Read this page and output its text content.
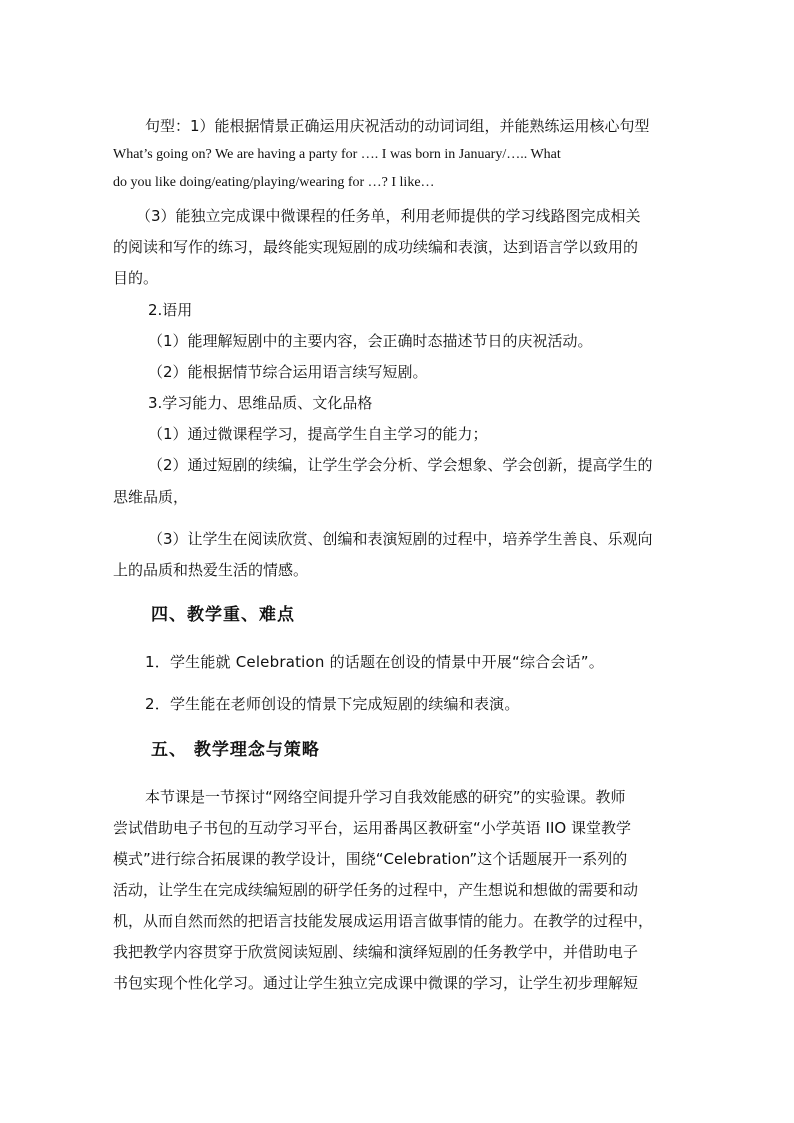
句型：1）能根据情景正确运用庆祝活动的动词词组，并能熟练运用核心句型
What’s going on? We are having a party for …. I was born in January/….. What
do you like doing/eating/playing/wearing for …? I like…
（3）能独立完成课中微课程的任务单，利用老师提供的学习线路图完成相关
的阅读和写作的练习，最终能实现短剧的成功续编和表演，达到语言学以致用的
目的。
2.语用
（1）能理解短剧中的主要内容，会正确时态描述节日的庆祝活动。
（2）能根据情节综合运用语言续写短剧。
3.学习能力、思维品质、文化品格
（1）通过微课程学习，提高学生自主学习的能力；
（2）通过短剧的续编，让学生学会分析、学会想象、学会创新，提高学生的
思维品质，
（3）让学生在阅读欣赏、创编和表演短剧的过程中，培养学生善良、乐观向
上的品质和热爱生活的情感。
四、教学重、难点
1．学生能就 Celebration 的话题在创设的情景中开展“综合会话”。
2．学生能在老师创设的情景下完成短剧的续编和表演。
五、 教学理念与策略
本节课是一节探讨“网络空间提升学习自我效能感的研究”的实验课。教师
尝试借助电子书包的互动学习平台，运用番禺区教研室“小学英语 IIO 课堂教学
模式”进行综合拓展课的教学设计，围绕“Celebration”这个话题展开一系列的
活动，让学生在完成续编短剧的研学任务的过程中，产生想说和想做的需要和动
机，从而自然而然的把语言技能发展成运用语言做事情的能力。在教学的过程中，
我把教学内容贯穿于欣赏阅读短剧、续编和演绎短剧的任务教学中，并借助电子
书包实现个性化学习。通过让学生独立完成课中微课的学习，让学生初步理解短
